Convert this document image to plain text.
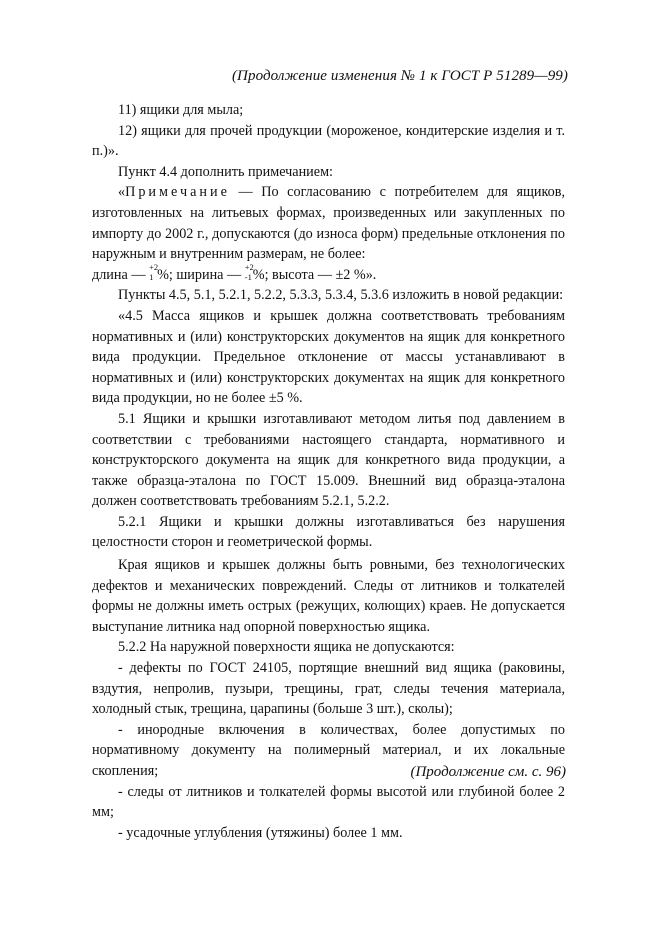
(Продолжение изменения № 1 к ГОСТ Р 51289—99)

11) ящики для мыла;

12) ящики для прочей продукции (мороженое, кондитерские изделия и т. п.)».

Пункт 4.4 дополнить примечанием:

«Примечание — По согласованию с потребителем для ящиков, изготовленных на литьевых формах, произведенных или закупленных по импорту до 2002 г., допускаются (до износа форм) предельные отклонения по наружным и внутренним размерам, не более:

длина — +2
1 %; ширина — +2
-1 %; высота — ±2 %».

Пункты 4.5, 5.1, 5.2.1, 5.2.2, 5.3.3, 5.3.4, 5.3.6 изложить в новой редакции:

«4.5 Масса ящиков и крышек должна соответствовать требованиям нормативных и (или) конструкторских документов на ящик для конкретного вида продукции. Предельное отклонение от массы устанавливают в нормативных и (или) конструкторских документах на ящик для конкретного вида продукции, но не более ±5 %.

5.1 Ящики и крышки изготавливают методом литья под давлением в соответствии с требованиями настоящего стандарта, нормативного и конструкторского документа на ящик для конкретного вида продукции, а также образца-эталона по ГОСТ 15.009. Внешний вид образца-эталона должен соответствовать требованиям 5.2.1, 5.2.2.

5.2.1 Ящики и крышки должны изготавливаться без нарушения целостности сторон и геометрической формы.

Края ящиков и крышек должны быть ровными, без технологических дефектов и механических повреждений. Следы от литников и толкателей формы не должны иметь острых (режущих, колющих) краев. Не допускается выступание литника над опорной поверхностью ящика.

5.2.2 На наружной поверхности ящика не допускаются:

- дефекты по ГОСТ 24105, портящие внешний вид ящика (раковины, вздутия, непролив, пузыри, трещины, грат, следы течения материала, холодный стык, трещина, царапины (больше 3 шт.), сколы);

- инородные включения в количествах, более допустимых по нормативному документу на полимерный материал, и их локальные скопления;

- следы от литников и толкателей формы высотой или глубиной более 2 мм;

- усадочные углубления (утяжины) более 1 мм.

(Продолжение см. с. 96)
